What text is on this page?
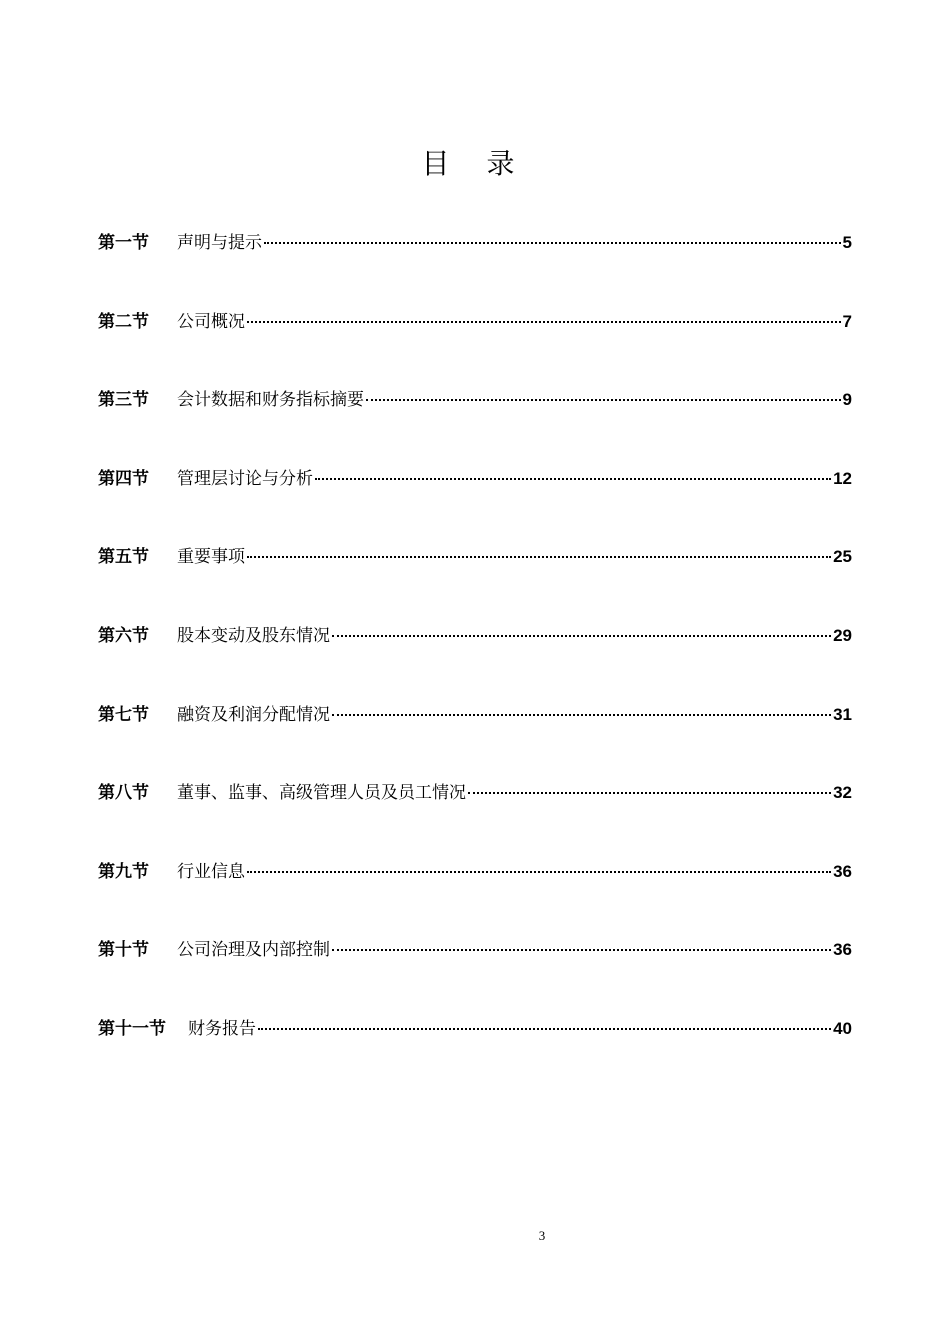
目 录
第一节 声明与提示	5
第二节 公司概况	7
第三节 会计数据和财务指标摘要	9
第四节 管理层讨论与分析	12
第五节 重要事项	25
第六节 股本变动及股东情况	29
第七节 融资及利润分配情况	31
第八节 董事、监事、高级管理人员及员工情况	32
第九节 行业信息	36
第十节 公司治理及内部控制	36
第十一节 财务报告	40
3
